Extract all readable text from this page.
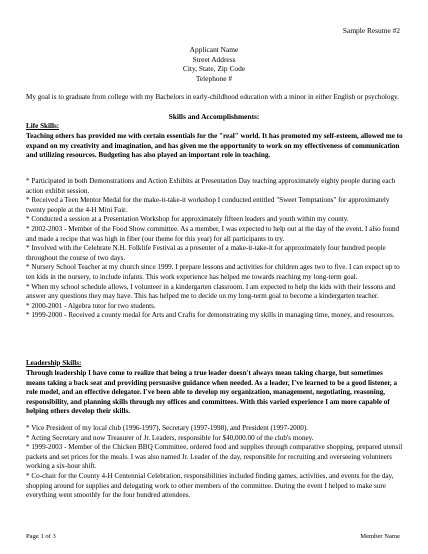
Sample Resume #2
Applicant Name
Street Address
City, State, Zip Code
Telephone #
My goal is to graduate from college with my Bachelors in early-childhood education with a minor in either English or psychology.
Skills and Accomplishments:
Life Skills:
Teaching others has provided me with certain essentials for the "real" world. It has promoted my self-esteem, allowed me to expand on my creativity and imagination, and has given me the opportunity to work on my effectiveness of communication and utilizing resources. Budgeting has also played an important role in teaching.

* Participated in both Demonstrations and Action Exhibits at Presentation Day teaching approximately eighty people during each action exhibit session.

* Received a Teen Mentor Medal for the make-it-take-it workshop I conducted entitled "Sweet Temptations" for approximately twenty people at the 4-H Mini Fair.

* Conducted a session at a Presentation Workshop for approximately fifteen leaders and youth within my county.

* 2002-2003 - Member of the Food Show committee. As a member, I was expected to help out at the day of the event. I also found and made a recipe that was high in fiber (our theme for this year) for all participants to try.

* Involved with the Celebrate N.H. Folklife Festival as a presenter of a make-it-take-it for approximately four hundred people throughout the course of two days.

* Nursery School Teacher at my church since 1999. I prepare lessons and activities for children ages two to five. I can expect up to ten kids in the nursery, to include infants. This work experience has helped me towards reaching my long-term goal.

* When my school schedule allows, I volunteer in a kindergarten classroom. I am expected to help the kids with their lessons and answer any questions they may have. This has helped me to decide on my long-term goal to become a kindergarten teacher.

* 2000-2001 - Algebra tutor for two students.

* 1999-2000 - Received a county medal for Arts and Crafts for demonstrating my skills in managing time, money, and resources.

Leadership Skills:
Through leadership I have come to realize that being a true leader doesn't always mean taking charge, but sometimes means taking a back seat and providing persuasive guidance when needed. As a leader, I've learned to be a good listener, a role model, and an effective delegator. I've been able to develop my organization, management, negotiating, reasoning, responsibility, and planning skills through my offices and committees. With this varied experience I am more capable of helping others develop their skills.

* Vice President of my local club (1996-1997), Secretary (1997-1998), and President (1997-2000).

* Acting Secretary and now Treasurer of Jr. Leaders, responsible for $40,000.00 of the club's money.

* 1999-2003 - Member of the Chicken BBQ Committee, ordered food and supplies through comparative shopping, prepared utensil packets and set prices for the meals. I was also named Jr. Leader of the day, responsible for recruiting and overseeing volunteers working a six-hour shift.

* Co-chair for the County 4-H Centennial Celebration, responsibilities included finding games, activities, and events for the day, shopping around for supplies and delegating work to other members of the committee. During the event I helped to make sure everything went smoothly for the four hundred attendees.

Page 1 of 3	Member Name
